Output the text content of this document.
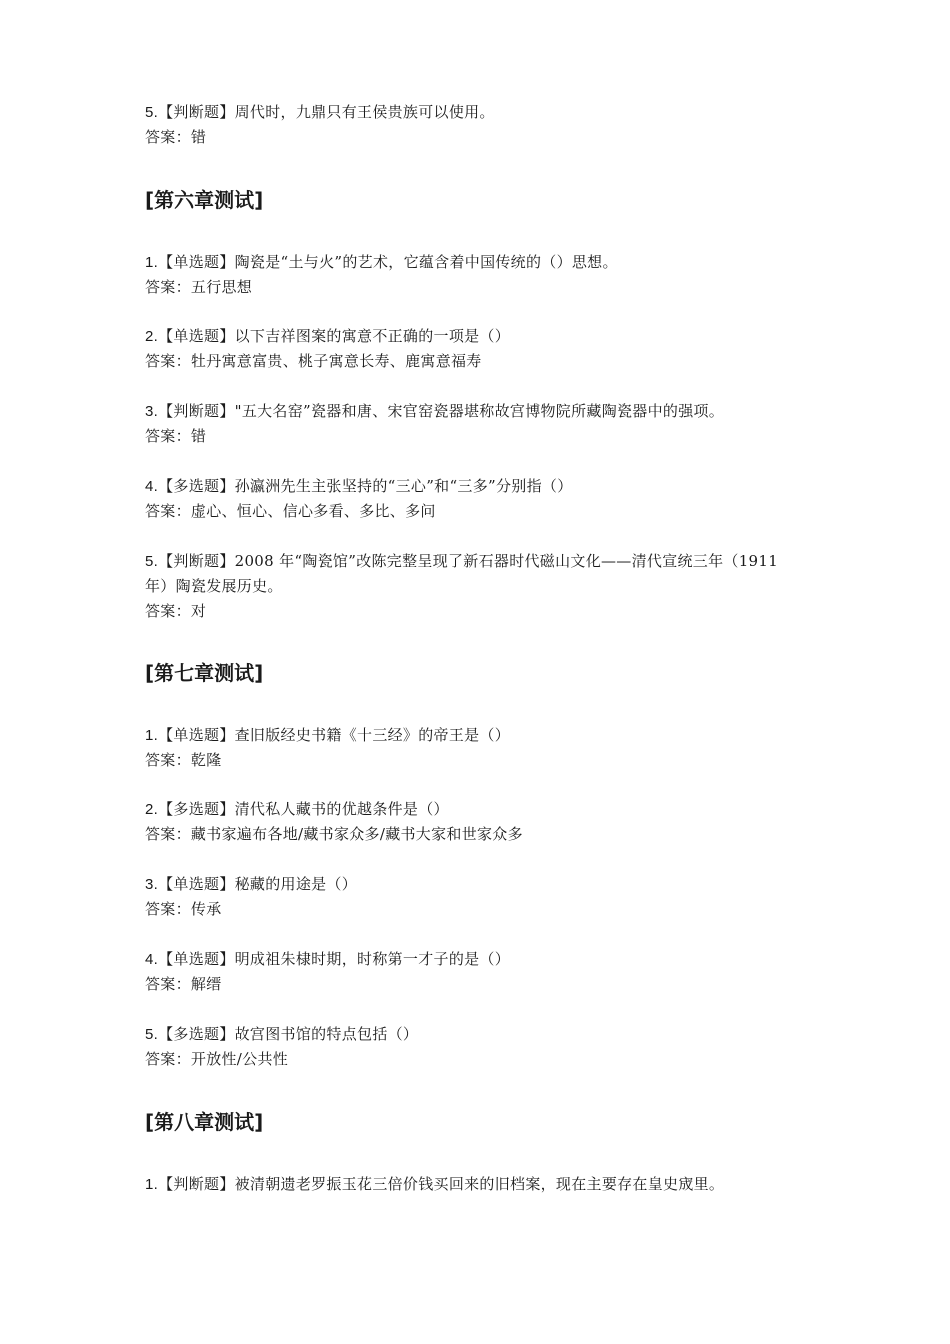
5.【判断题】周代时，九鼎只有王侯贵族可以使用。
答案：错
[第六章测试]
1.【单选题】陶瓷是“土与火”的艺术，它蕴含着中国传统的（）思想。
答案：五行思想
2.【单选题】以下吉祥图案的寓意不正确的一项是（）
答案：牡丹寓意富贵、桃子寓意长寿、鹿寓意福寿
3.【判断题】"五大名窑”瓷器和唐、宋官窑瓷器堪称故宫博物院所藏陶瓷器中的强项。
答案：错
4.【多选题】孙瀛洲先生主张坚持的“三心”和“三多”分别指（）
答案：虚心、恒心、信心多看、多比、多问
5.【判断题】2008 年“陶瓷馆”改陈完整呈现了新石器时代磁山文化——清代宣统三年（1911
年）陶瓷发展历史。
答案：对
[第七章测试]
1.【单选题】查旧版经史书籍《十三经》的帝王是（）
答案：乾隆
2.【多选题】清代私人藏书的优越条件是（）
答案：藏书家遍布各地/藏书家众多/藏书大家和世家众多
3.【单选题】秘藏的用途是（）
答案：传承
4.【单选题】明成祖朱棣时期，时称第一才子的是（）
答案：解缙
5.【多选题】故宫图书馆的特点包括（）
答案：开放性/公共性
[第八章测试]
1.【判断题】被清朝遗老罗振玉花三倍价钱买回来的旧档案，现在主要存在皇史宬里。
